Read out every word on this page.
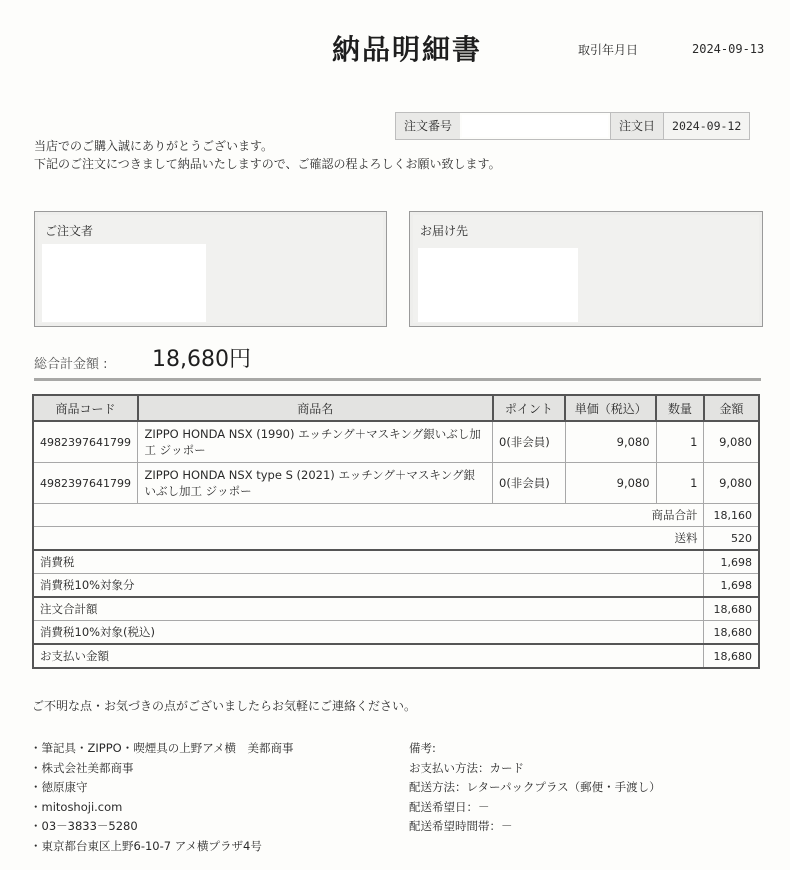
納品明細書	取引年月日	2024-09-13
注文番号	注文日	2024-09-12
当店でのご購入誠にありがとうございます。
下記のご注文につきまして納品いたしますので、ご確認の程よろしくお願い致します。
ご注文者	お届け先
総合計金額 : 18,680円
商品コード	商品名	ポイント	単価（税込）	数量	金額
4982397641799	ZIPPO HONDA NSX (1990) エッチング＋マスキング銀いぶし加工 ジッポー	0(非会員)	9,080	1	9,080
4982397641799	ZIPPO HONDA NSX type S (2021) エッチング＋マスキング銀いぶし加工 ジッポー	0(非会員)	9,080	1	9,080
商品合計					18,160
送料					520
消費税					1,698
消費税10%対象分					1,698
注文合計額					18,680
消費税10%対象(税込)					18,680
お支払い金額					18,680
ご不明な点・お気づきの点がございましたらお気軽にご連絡ください。
・筆記具・ZIPPO・喫煙具の上野アメ横　美都商事
・株式会社美都商事
・徳原康守
・mitoshoji.com
・03－3833－5280
・東京都台東区上野6-10-7 アメ横プラザ4号
備考:
お支払い方法：カード
配送方法：レターパックプラス（郵便・手渡し）
配送希望日：－
配送希望時間帯：－
